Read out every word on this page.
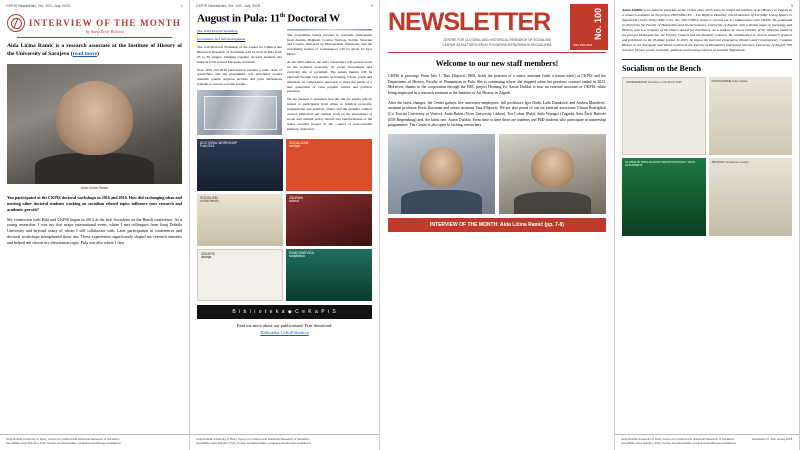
CKPIS Newsletter, No. 100, July 2025	1
INTERVIEW OF THE MONTH
by Sara Žerić Bulović

Aida Ličina Ramić is a research associate at the Institute of History of the University of Sarajevo (read more)

Aida Ličina Ramić

You participated at the CKPIS doctoral workshops in 2016 and 2018. How did exchanging ideas and meeting other doctoral students working on socialism related topics influence your research and academic growth?

My connection with Pula and CKPIS began in 2013 at the first Socialism on the Bench conference. As a young researcher, I was my first major international event, where I met colleagues from Juraj Dobrila University and beyond, many of whom I still collaborate with. Later participation in conferences and doctoral workshops strengthened these ties. These experiences significantly shaped my research interests and helped me choose my dissertation topic. Pula was also where I first

Juraj Dobrila University of Pula | Centre for Cultural and Historical Research of Socialism
Sveučilište Jurja Dobrile u Puli | Centar za kulturološka i povijesna istraživanja socijalizma
CKPIS Newsletter, No. 100, July 2025	2
August in Pula: 11th Doctoral W

The 11th Doctoral Workshop

Governance and Self-management

The 11th Doctoral Workshop of the Centre for Cultural and Historical Research of Socialism will be held in Pula from 25 to 30 August, bringing together doctoral students and mentors from several European countries.

Your 2016 and 2018 participation reached a wide circle of researchers and the programme was structured around thematic panels, keynote lectures and joint discussions relevant to current socialist studies.

The programme brings forward to welcome participants from Austria, Belgium, Croatia, Norway, Serbia, Slovenia and Croatia, delivered by Metropolitan University, and the concluding lecture of Cantonspool will be given by Igor Duda.

At the 2025 edition, the early researchers will present work on the political economy, its social movements and everyday life of socialism. The panels themes will be explored through case studies on housing, labour, youth and emphasis on comparative approach to meet the needs of a new generation of class popular culture and political practices.

We are pleased to announce that the call for papers will be turned to participants from urban or political economy, transnational and political culture and the system's cultural control. Historical and cultural work on the phenomena of social and cultural policy reform and transformation of the wider socialist project in the context of post-socialist memory, neglected.

DOCTORAL WORKSHOP
Pula 2016
SOCIALIZAM
na klupi
SOCIALISM
on the bench
ZBORNIK
radova
CEKAPIS
izdanja
SVAKODNEVICA
socijalizma
B i b l i o t e k a ◆ C e K a P i S
Find out more about our publications! Free download:
Biblioteka CeKaPiSarnica
Juraj Dobrila University of Pula | Centre for Cultural and Historical Research of Socialism
Sveučilište Jurja Dobrile u Puli | Centar za kulturološka i povijesna istraživanja socijalizma
No. 100
ISSN 2806-9625
NEWSLETTER
CENTRE FOR CULTURAL AND HISTORICAL RESEARCH OF SOCIALISM
CENTAR ZA KULTUROLOŠKA I POVIJESNA ISTRAŽIVANJA SOCIJALIZMA
Welcome to our new staff members!

CKPIS is growing! From July 1, Tina Filipović, PhD, holds the position of a senior assistant (with a tenure track) at CKPIS and the Department of History, Faculty of Humanities in Pula. She is continuing where she stopped when her previous contract ended in 2023. Moreover, thanks to the cooperation through the ERC project Housing.Yu, Anton Dulibić is now an external associate of CKPIS, while being employed as a research assistant at the Institute of Art History in Zagreb.

After the latest changes, the Center gathers five university employees: full professors Igor Duda, Lada Duraković and Andrea Matošević, assistant professor Boris Koroman and senior assistant Tina Filipović. We are also proud of our six external associates: Chiara Bonfiglioli (Ca' Foscari University of Venice), Anita Buhin (Nova University Lisbon), Tea Colnar (Pula), Saša Vejzagić (Zagreb), Sara Žerić Bulović (IOS Regensburg) and, the latest one, Anton Dulibić. From time to time there are students and PhD students who participate in traineeship programmes. The Centre is also open to visiting researchers.

INTERVIEW OF THE MONTH: Aida Ličina Ramić (pp. 7-8)
3

Anton Dulibić is an external associate at the Centre since 2025 when he joined the Institute of Art History in Zagreb as a research assistant on the project HOUSING.YU – The Right to Housing: The Production of Everyday Living Spaces in Yugoslavia (1945–1991) (ERC CoG, No. 101171983), which is carried out in collaboration with CKPIS. He graduated in 2023 from the Faculty of Humanities and Social Sciences, University of Zagreb, with a double major in Sociology and History, and is a recipient of the Dean's Award for Excellence. As a student, he was a member of the editorial board of the journal Diskrepancija, the Faculty Council and the Students' Council. He collaborated in several research projects and published on the H-Albae portal. In 2025, he began the doctoral programme Modern and Contemporary Croatian History in the European and World Context at the Faculty of Humanities and Social Sciences, University of Zagreb. His research focuses on the economic, political and housing reforms of socialist Yugoslavia.

Socialism on the Bench
CONFERENCE Socialism on the Bench 2025	PROGRAMME Pula, Croatia
GLOBALNI SOCIJALIZAM NESVRSTANOST / NON-ALIGNMENT
ZBORNIK Socijalizam na klupi
Juraj Dobrila University of Pula | Centre for Cultural and Historical Research of Socialism
Sveučilište Jurja Dobrile u Puli | Centar za kulturološka i povijesna istraživanja socijalizma
Newsletter br. 100, srpanj 2025.
